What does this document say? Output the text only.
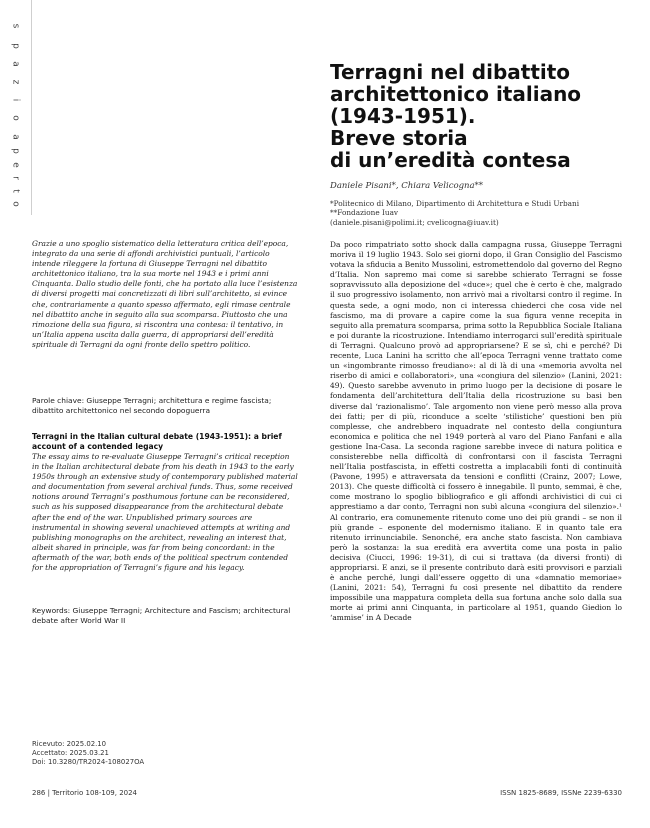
s
p
a
z
i
o
a
p
e
r
t
o
Terragni nel dibattito
architettonico italiano
(1943-1951).
Breve storia
di un’eredità contesa
Daniele Pisani*, Chiara Velicogna**
*Politecnico di Milano, Dipartimento di Architettura e Studi Urbani
**Fondazione Iuav
(daniele.pisani@polimi.it; cvelicogna@iuav.it)

Grazie a uno spoglio sistematico della letteratura critica dell’epoca, integrato da una serie di affondi archivistici puntuali, l’articolo intende rileggere la fortuna di Giuseppe Terragni nel dibattito architettonico italiano, tra la sua morte nel 1943 e i primi anni Cinquanta. Dallo studio delle fonti, che ha portato alla luce l’esistenza di diversi progetti mai concretizzati di libri sull’architetto, si evince che, contrariamente a quanto spesso affermato, egli rimase centrale nel dibattito anche in seguito alla sua scomparsa. Piuttosto che una rimozione della sua figura, si riscontra una contesa: il tentativo, in un’Italia appena uscita dalla guerra, di appropriarsi dell’eredità spirituale di Terragni da ogni fronte dello spettro politico.

Parole chiave: Giuseppe Terragni; architettura e regime fascista; dibattito architettonico nel secondo dopoguerra

Terragni in the Italian cultural debate (1943-1951): a brief account of a contended legacy

The essay aims to re-evaluate Giuseppe Terragni’s critical reception in the Italian architectural debate from his death in 1943 to the early 1950s through an extensive study of contemporary published material and documentation from several archival funds. Thus, some received notions around Terragni’s posthumous fortune can be reconsidered, such as his supposed disappearance from the architectural debate after the end of the war. Unpublished primary sources are instrumental in showing several unachieved attempts at writing and publishing monographs on the architect, revealing an interest that, albeit shared in principle, was far from being concordant: in the aftermath of the war, both ends of the political spectrum contended for the appropriation of Terragni’s figure and his legacy.

Keywords: Giuseppe Terragni; Architecture and Fascism; architectural debate after World War II

Ricevuto: 2025.02.10
Accettato: 2025.03.21
Doi: 10.3280/TR2024-108027OA

Da poco rimpatriato sotto shock dalla campagna russa, Giuseppe Terragni moriva il 19 luglio 1943. Solo sei giorni dopo, il Gran Consiglio del Fascismo votava la sfiducia a Benito Mussolini, estromettendolo dal governo del Regno d’Italia. Non sapremo mai come si sarebbe schierato Terragni se fosse sopravvissuto alla deposizione del «duce»; quel che è certo è che, malgrado il suo progressivo isolamento, non arrivò mai a rivoltarsi contro il regime. In questa sede, a ogni modo, non ci interessa chiederci che cosa vide nel fascismo, ma di provare a capire come la sua figura venne recepita in seguito alla prematura scomparsa, prima sotto la Repubblica Sociale Italiana e poi durante la ricostruzione. Intendiamo interrogarci sull’eredità spirituale di Terragni. Qualcuno provò ad appropriarsene? E se sì, chi e perché? Di recente, Luca Lanini ha scritto che all’epoca Terragni venne trattato come un «ingombrante rimosso freudiano»: al di là di una «memoria avvolta nel riserbo di amici e collaboratori», una «congiura del silenzio» (Lanini, 2021: 49). Questo sarebbe avvenuto in primo luogo per la decisione di posare le fondamenta dell’architettura dell’Italia della ricostruzione su basi ben diverse dal ‘razionalismo’. Tale argomento non viene però messo alla prova dei fatti; per di più, riconduce a scelte ‘stilistiche’ questioni ben più complesse, che andrebbero inquadrate nel contesto della congiuntura economica e politica che nel 1949 porterà al varo del Piano Fanfani e alla gestione Ina-Casa. La seconda ragione sarebbe invece di natura politica e consisterebbe nella difficoltà di confrontarsi con il fascista Terragni nell’Italia postfascista, in effetti costretta a implacabili fonti di continuità (Pavone, 1995) e attraversata da tensioni e conflitti (Crainz, 2007; Lowe, 2013). Che queste difficoltà ci fossero è innegabile. Il punto, semmai, è che, come mostrano lo spoglio bibliografico e gli affondi archivistici di cui ci apprestiamo a dar conto, Terragni non subì alcuna «congiura del silenzio».¹ Al contrario, era comunemente ritenuto come uno dei più grandi – se non il più grande – esponente del modernismo italiano. E in quanto tale era ritenuto irrinunciabile. Senonché, era anche stato fascista. Non cambiava però la sostanza: la sua eredità era avvertita come una posta in palio decisiva (Ciucci, 1996: 19-31), di cui si trattava (da diversi fronti) di appropriarsi. E anzi, se il presente contributo darà esiti provvisori e parziali è anche perché, lungi dall’essere oggetto di una «damnatio memoriae» (Lanini, 2021: 54), Terragni fu così presente nel dibattito da rendere impossibile una mappatura completa della sua fortuna anche solo dalla sua morte ai primi anni Cinquanta, in particolare al 1951, quando Giedion lo ‘ammise’ in A Decade

286 | Territorio 108-109, 2024	ISSN 1825-8689, ISSNe 2239-6330
